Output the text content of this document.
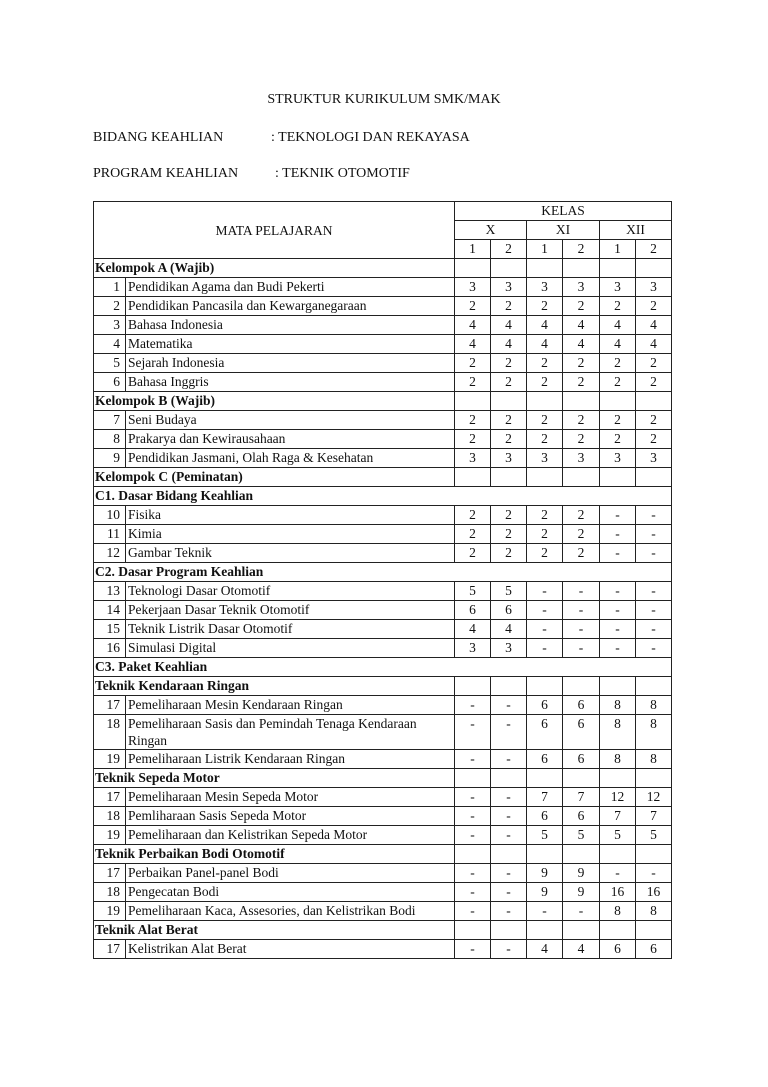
STRUKTUR KURIKULUM SMK/MAK
BIDANG KEAHLIAN	: TEKNOLOGI DAN REKAYASA
PROGRAM KEAHLIAN	: TEKNIK OTOMOTIF
MATA PELAJARAN		KELAS					
		X		XI		XII	
		1	2	1	2	1	2
Kelompok A (Wajib)							
1	Pendidikan Agama dan Budi Pekerti	3	3	3	3	3	3
2	Pendidikan Pancasila dan Kewarganegaraan	2	2	2	2	2	2
3	Bahasa Indonesia	4	4	4	4	4	4
4	Matematika	4	4	4	4	4	4
5	Sejarah Indonesia	2	2	2	2	2	2
6	Bahasa Inggris	2	2	2	2	2	2
Kelompok B (Wajib)							
7	Seni Budaya	2	2	2	2	2	2
8	Prakarya dan Kewirausahaan	2	2	2	2	2	2
9	Pendidikan Jasmani, Olah Raga & Kesehatan	3	3	3	3	3	3
Kelompok C (Peminatan)							
C1. Dasar Bidang Keahlian							
10	Fisika	2	2	2	2	-	-
11	Kimia	2	2	2	2	-	-
12	Gambar Teknik	2	2	2	2	-	-
C2. Dasar Program Keahlian							
13	Teknologi Dasar Otomotif	5	5	-	-	-	-
14	Pekerjaan Dasar Teknik Otomotif	6	6	-	-	-	-
15	Teknik Listrik Dasar Otomotif	4	4	-	-	-	-
16	Simulasi Digital	3	3	-	-	-	-
C3. Paket Keahlian							
Teknik Kendaraan Ringan							
17	Pemeliharaan Mesin Kendaraan Ringan	-	-	6	6	8	8
18	Pemeliharaan Sasis dan Pemindah Tenaga Kendaraan Ringan	-	-	6	6	8	8
19	Pemeliharaan Listrik Kendaraan Ringan	-	-	6	6	8	8
Teknik Sepeda Motor							
17	Pemeliharaan Mesin Sepeda Motor	-	-	7	7	12	12
18	Pemliharaan Sasis Sepeda Motor	-	-	6	6	7	7
19	Pemeliharaan dan Kelistrikan Sepeda Motor	-	-	5	5	5	5
Teknik Perbaikan Bodi Otomotif							
17	Perbaikan Panel-panel Bodi	-	-	9	9	-	-
18	Pengecatan Bodi	-	-	9	9	16	16
19	Pemeliharaan Kaca, Assesories, dan Kelistrikan Bodi	-	-	-	-	8	8
Teknik Alat Berat							
17	Kelistrikan Alat Berat	-	-	4	4	6	6
